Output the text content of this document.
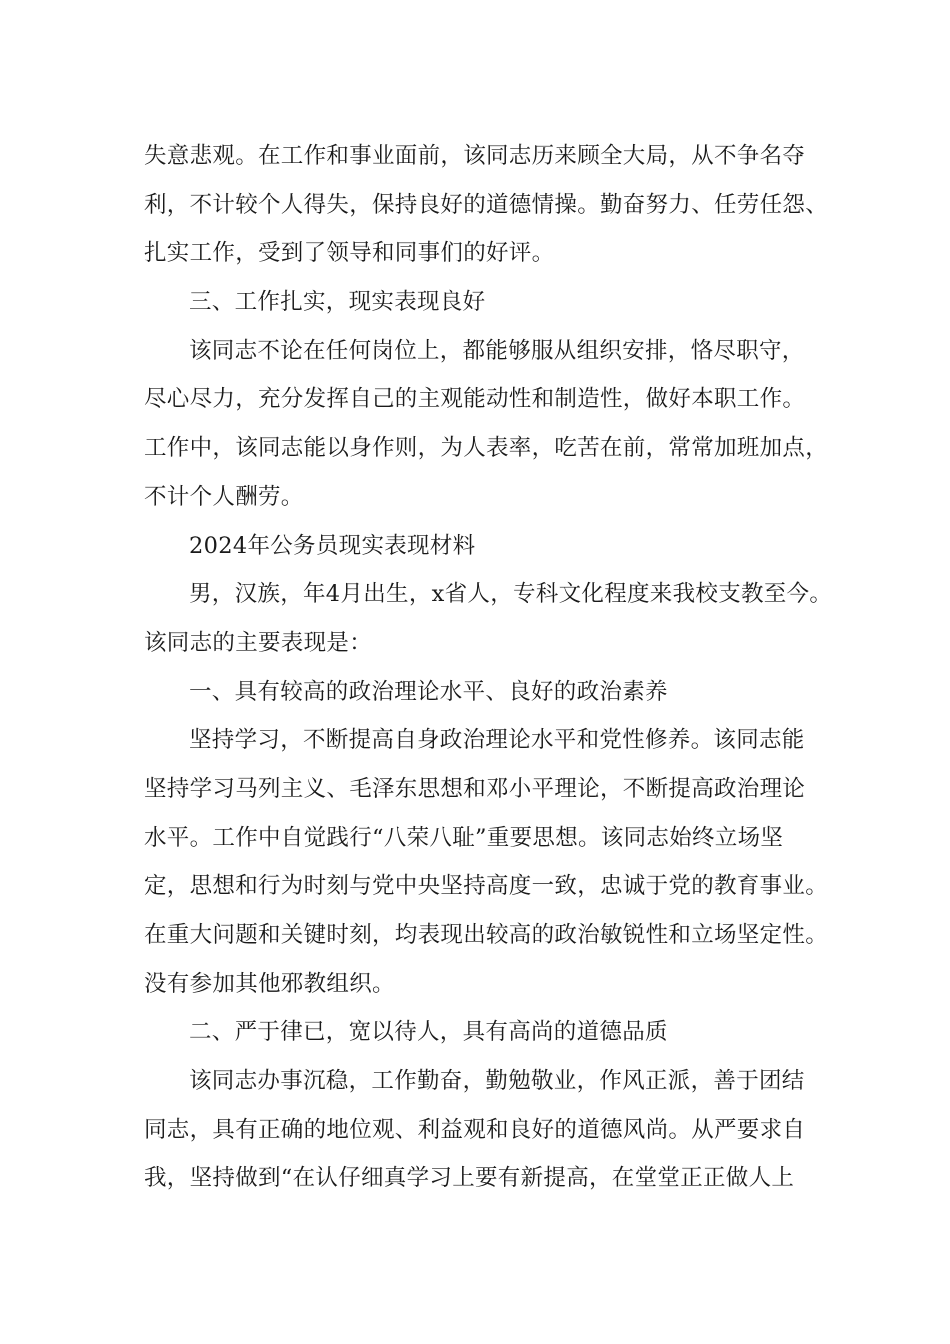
失意悲观。在工作和事业面前，该同志历来顾全大局，从不争名夺
利，不计较个人得失，保持良好的道德情操。勤奋努力、任劳任怨、
扎实工作，受到了领导和同事们的好评。
三、工作扎实，现实表现良好
该同志不论在任何岗位上，都能够服从组织安排，恪尽职守，
尽心尽力，充分发挥自己的主观能动性和制造性，做好本职工作。
工作中，该同志能以身作则，为人表率，吃苦在前，常常加班加点，
不计个人酬劳。
2024年公务员现实表现材料
男，汉族，年4月出生，x省人，专科文化程度来我校支教至今。
该同志的主要表现是：
一、具有较高的政治理论水平、良好的政治素养
坚持学习，不断提高自身政治理论水平和党性修养。该同志能
坚持学习马列主义、毛泽东思想和邓小平理论，不断提高政治理论
水平。工作中自觉践行“八荣八耻”重要思想。该同志始终立场坚
定，思想和行为时刻与党中央坚持高度一致，忠诚于党的教育事业。
在重大问题和关键时刻，均表现出较高的政治敏锐性和立场坚定性。
没有参加其他邪教组织。
二、严于律已，宽以待人，具有高尚的道德品质
该同志办事沉稳，工作勤奋，勤勉敬业，作风正派，善于团结
同志，具有正确的地位观、利益观和良好的道德风尚。从严要求自
我，坚持做到“在认仔细真学习上要有新提高，在堂堂正正做人上
